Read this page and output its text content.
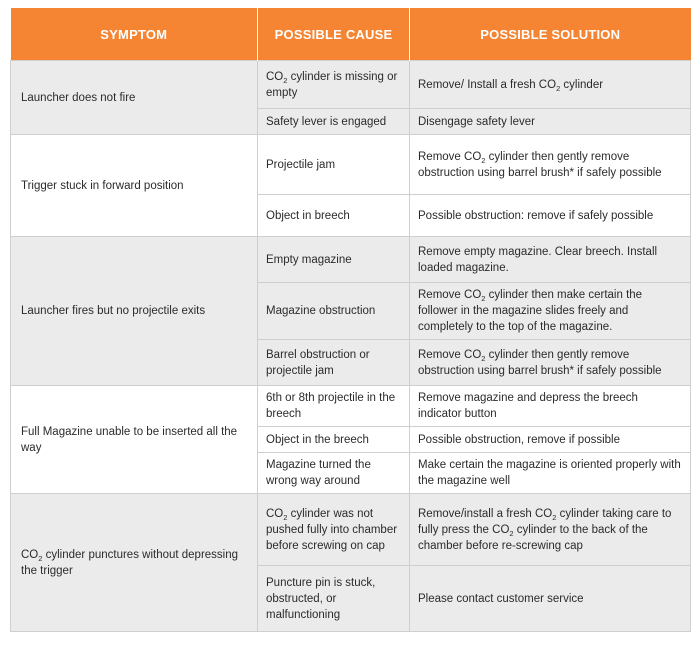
SYMPTOM	POSSIBLE CAUSE	POSSIBLE SOLUTION
Launcher does not fire	$CO_2$ cylinder is missing or empty	Remove/ Install a fresh $CO_2$ cylinder
	Safety lever is engaged	Disengage safety lever
Trigger stuck in forward position	Projectile jam	Remove $CO_2$ cylinder then gently remove obstruction using barrel brush* if safely possible
	Object in breech	Possible obstruction: remove if safely possible
Launcher fires but no projectile exits	Empty magazine	Remove empty magazine. Clear breech. Install loaded magazine.
	Magazine obstruction	Remove $CO_2$ cylinder then make certain the follower in the magazine slides freely and completely to the top of the magazine.
	Barrel obstruction or projectile jam	Remove $CO_2$ cylinder then gently remove obstruction using barrel brush* if safely possible
Full Magazine unable to be inserted all the way	6th or 8th projectile in the breech	Remove magazine and depress the breech indicator button
	Object in the breech	Possible obstruction, remove if possible
	Magazine turned the wrong way around	Make certain the magazine is oriented properly with the magazine well
$CO_2$ cylinder punctures without depressing the trigger	$CO_2$ cylinder was not pushed fully into chamber before screwing on cap	Remove/install a fresh $CO_2$ cylinder taking care to fully press the $CO_2$ cylinder to the back of the chamber before re-screwing cap
	Puncture pin is stuck, obstructed, or malfunctioning	Please contact customer service
